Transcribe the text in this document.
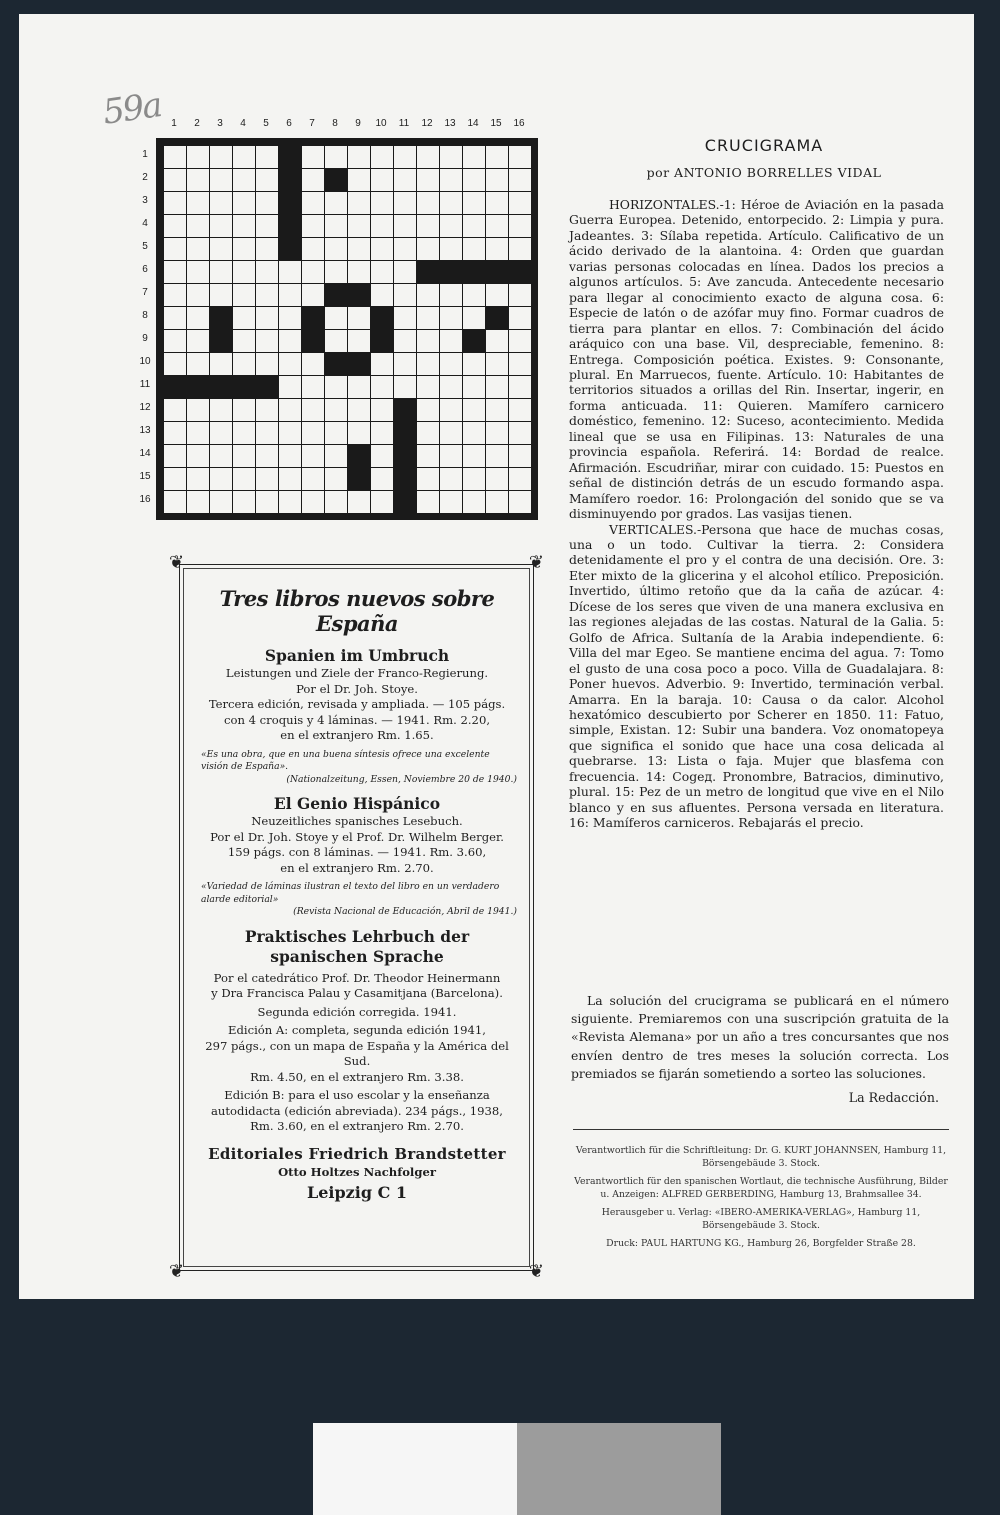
59a 1	2	3	4	5	6	7	8	9	10	11	12	13	14	15	16
1
2
3
4
5
6
7
8
9
10
11
12
13
14
15
16
CRUCIGRAMA
por ANTONIO BORRELLES VIDAL

HORIZONTALES.-1: Héroe de Aviación en la pasada Guerra Europea. Detenido, entorpecido. 2: Limpia y pura. Jadeantes. 3: Sílaba repetida. Artículo. Calificativo de un ácido derivado de la alantoina. 4: Orden que guardan varias personas colocadas en línea. Dados los precios a algunos artículos. 5: Ave zancuda. Antecedente necesario para llegar al conocimiento exacto de alguna cosa. 6: Especie de latón o de azófar muy fino. Formar cuadros de tierra para plantar en ellos. 7: Combinación del ácido aráquico con una base. Vil, despreciable, femenino. 8: Entrega. Composición poética. Existes. 9: Consonante, plural. En Marruecos, fuente. Artículo. 10: Habitantes de territorios situados a orillas del Rin. Insertar, ingerir, en forma anticuada. 11: Quieren. Mamífero carnicero doméstico, femenino. 12: Suceso, acontecimiento. Medida lineal que se usa en Filipinas. 13: Naturales de una provincia española. Referirá. 14: Bordad de realce. Afirmación. Escudriñar, mirar con cuidado. 15: Puestos en señal de distinción detrás de un escudo formando aspa. Mamífero roedor. 16: Prolongación del sonido que se va disminuyendo por grados. Las vasijas tienen.

VERTICALES.-Persona que hace de muchas cosas, una o un todo. Cultivar la tierra. 2: Considera detenidamente el pro y el contra de una decisión. Ore. 3: Eter mixto de la glicerina y el alcohol etílico. Preposición. Invertido, último retoño que da la caña de azúcar. 4: Dícese de los seres que viven de una manera exclusiva en las regiones alejadas de las costas. Natural de la Galia. 5: Golfo de Africa. Sultanía de la Arabia independiente. 6: Villa del mar Egeo. Se mantiene encima del agua. 7: Tomo el gusto de una cosa poco a poco. Villa de Guadalajara. 8: Poner huevos. Adverbio. 9: Invertido, terminación verbal. Amarra. En la baraja. 10: Causa o da calor. Alcohol hexatómico descubierto por Scherer en 1850. 11: Fatuo, simple, Existan. 12: Subir una bandera. Voz onomatopeya que significa el sonido que hace una cosa delicada al quebrarse. 13: Lista o faja. Mujer que blasfema con frecuencia. 14: Cogед. Pronombre, Batracios, diminutivo, plural. 15: Pez de un metro de longitud que vive en el Nilo blanco y en sus afluentes. Persona versada en literatura. 16: Mamíferos carniceros. Rebajarás el precio.

La solución del crucigrama se publicará en el número siguiente. Premiaremos con una suscripción gratuita de la «Revista Alemana» por un año a tres concursantes que nos envíen dentro de tres meses la solución correcta. Los premiados se fijarán sometiendo a sorteo las soluciones.

La Redacción.

Verantwortlich für die Schriftleitung: Dr. G. KURT JOHANNSEN, Hamburg 11, Börsengebäude 3. Stock.

Verantwortlich für den spanischen Wortlaut, die technische Ausführung, Bilder u. Anzeigen: ALFRED GERBERDING, Hamburg 13, Brahmsallee 34.

Herausgeber u. Verlag: «IBERO-AMERIKA-VERLAG», Hamburg 11, Börsengebäude 3. Stock.

Druck: PAUL HARTUNG KG., Hamburg 26, Borgfelder Straße 28.

❦	❦
❦	❦
Tres libros nuevos sobre España
Spanien im Umbruch
Leistungen und Ziele der Franco-Regierung.
Por el Dr. Joh. Stoye.
Tercera edición, revisada y ampliada. — 105 págs.
con 4 croquis y 4 láminas. — 1941. Rm. 2.20,
en el extranjero Rm. 1.65.
«Es una obra, que en una buena síntesis ofrece una excelente visión de España».
(Nationalzeitung, Essen, Noviembre 20 de 1940.)
El Genio Hispánico
Neuzeitliches spanisches Lesebuch.
Por el Dr. Joh. Stoye y el Prof. Dr. Wilhelm Berger.
159 págs. con 8 láminas. — 1941. Rm. 3.60,
en el extranjero Rm. 2.70.
«Variedad de láminas ilustran el texto del libro en un verdadero alarde editorial»
(Revista Nacional de Educación, Abril de 1941.)
Praktisches Lehrbuch der spanischen Sprache
Por el catedrático Prof. Dr. Theodor Heinermann
y Dra Francisca Palau y Casamitjana (Barcelona).
Segunda edición corregida. 1941.
Edición A: completa, segunda edición 1941,
297 págs., con un mapa de España y la América del Sud.
Rm. 4.50, en el extranjero Rm. 3.38.
Edición B: para el uso escolar y la enseñanza autodidacta (edición abreviada). 234 págs., 1938,
Rm. 3.60, en el extranjero Rm. 2.70.
Editoriales Friedrich Brandstetter
Otto Holtzes Nachfolger
Leipzig C 1
